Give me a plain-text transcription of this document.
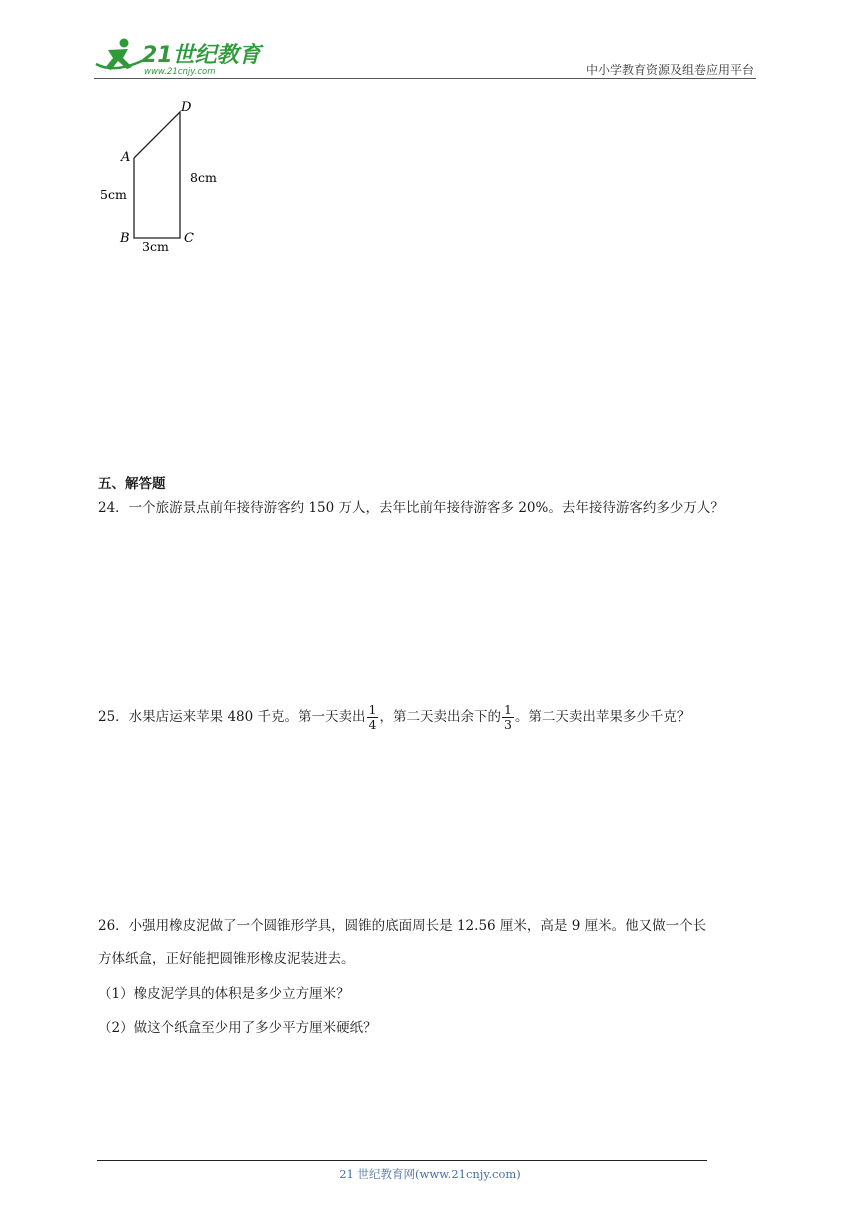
21世纪教育
www.21cnjy.com	中小学教育资源及组卷应用平台
D
A
B	C
5cm
8cm
3cm
五、解答题
24．一个旅游景点前年接待游客约 150 万人，去年比前年接待游客多 20%。去年接待游客约多少万人？
25．水果店运来苹果 480 千克。第一天卖出 $\frac{1}{4}$ ，第二天卖出余下的 $\frac{1}{3}$ 。第二天卖出苹果多少千克？
26．小强用橡皮泥做了一个圆锥形学具，圆锥的底面周长是 12.56 厘米，高是 9 厘米。他又做一个长
方体纸盒，正好能把圆锥形橡皮泥装进去。
（1）橡皮泥学具的体积是多少立方厘米？
（2）做这个纸盒至少用了多少平方厘米硬纸？
21 世纪教育网(www.21cnjy.com)
